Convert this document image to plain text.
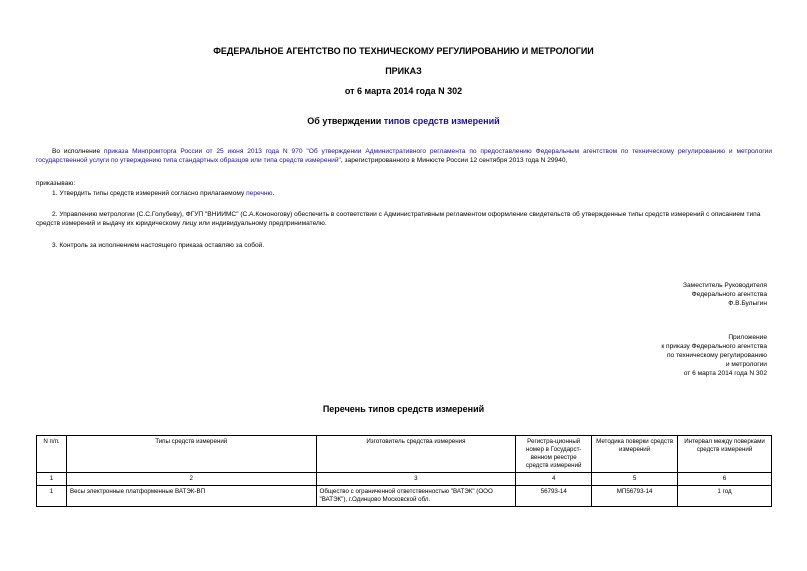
ФЕДЕРАЛЬНОЕ АГЕНТСТВО ПО ТЕХНИЧЕСКОМУ РЕГУЛИРОВАНИЮ И МЕТРОЛОГИИ
ПРИКАЗ
от 6 марта 2014 года N 302
Об утверждении типов средств измерений
Во исполнение приказа Минпромторга России от 25 июня 2013 года N 970 "Об утверждении Административного регламента по предоставлению Федеральным агентством по техническому регулированию и метрологии государственной услуги по утверждению типа стандартных образцов или типа средств измерений", зарегистрированного в Минюсте России 12 сентября 2013 года N 29940,
приказываю:
1. Утвердить типы средств измерений согласно прилагаемому перечню.
2. Управлению метрологии (С.С.Голубеву), ФГУП "ВНИИМС" (С.А.Кононогову) обеспечить в соответствии с Административным регламентом оформление свидетельств об утвержденные типы средств измерений с описанием типа средств измерений и выдачу их юридическому лицу или индивидуальному предпринимателю.
3. Контроль за исполнением настоящего приказа оставляю за собой.
Заместитель Руководителя
Федерального агентства
Ф.В.Булыгин
Приложение
к приказу Федерального агентства
по техническому регулированию
и метрологии
от 6 марта 2014 года N 302
Перечень типов средств измерений
N п/п.	Типы средств измерений	Изготовитель средства измерения	Регистра-ционный номер в Государст-венном реестре средств измерений	Методика поверки средств измерений	Интервал между поверками средств измерений
1	2	3	4	5	6
1	Весы электронные платформенные ВАТЭК-ВП	Общество с ограниченной ответственностью "ВАТЭК" (ООО "ВАТЭК"), г.Одинцово Московской обл.	56793-14	МП56793-14	1 год
